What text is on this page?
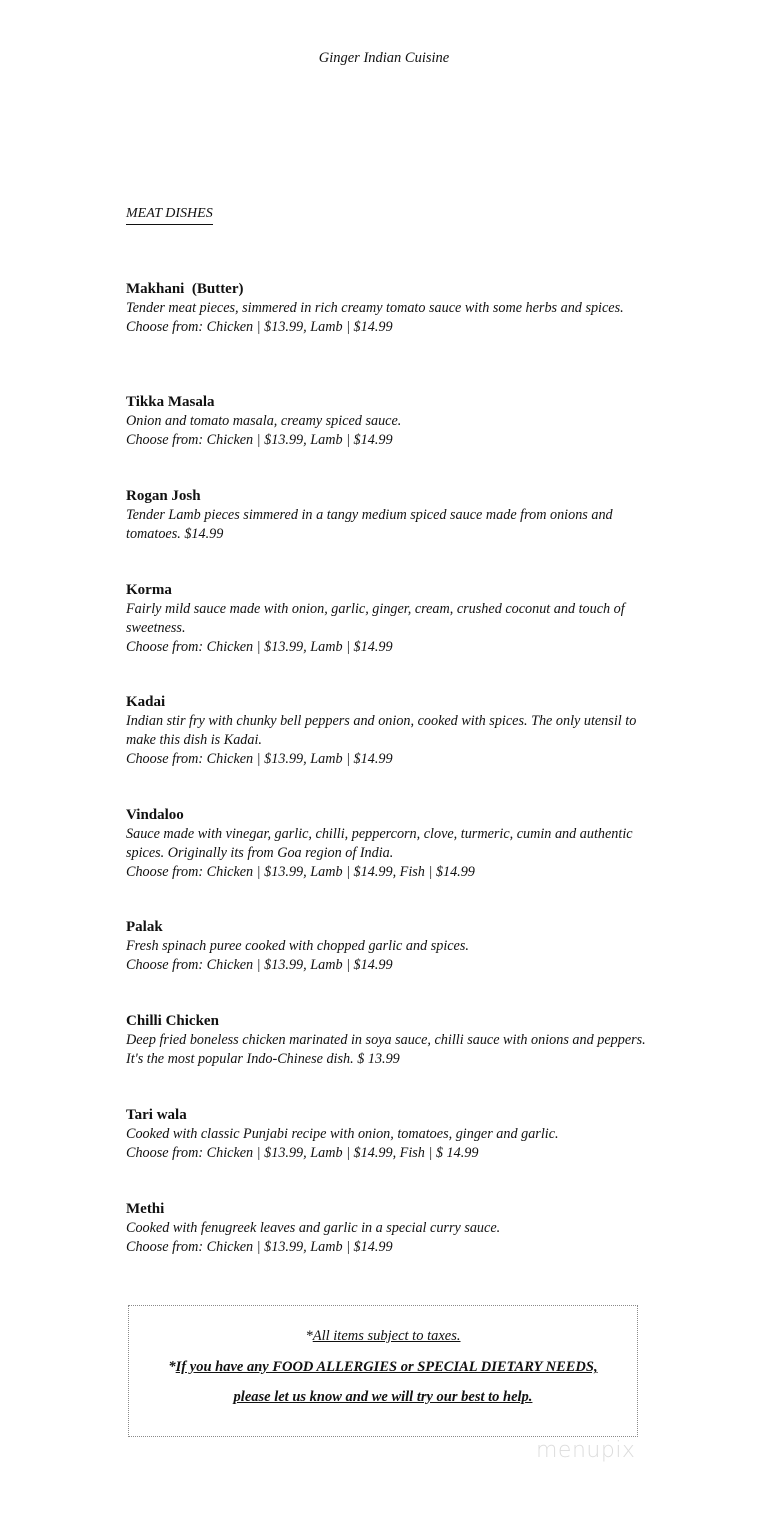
Ginger Indian Cuisine
MEAT DISHES
Makhani  (Butter)
Tender meat pieces, simmered in rich creamy tomato sauce with some herbs and spices.
Choose from: Chicken | $13.99, Lamb | $14.99
Tikka Masala
Onion and tomato masala, creamy spiced sauce.
Choose from: Chicken | $13.99, Lamb | $14.99
Rogan Josh
Tender Lamb pieces simmered in a tangy medium spiced sauce made from onions and tomatoes. $14.99
Korma
Fairly mild sauce made with onion, garlic, ginger, cream, crushed coconut and touch of sweetness.
Choose from: Chicken | $13.99, Lamb | $14.99
Kadai
Indian stir fry with chunky bell peppers and onion, cooked with spices. The only utensil to make this dish is Kadai.
Choose from: Chicken | $13.99, Lamb | $14.99
Vindaloo
Sauce made with vinegar, garlic, chilli, peppercorn, clove, turmeric, cumin and authentic spices. Originally its from Goa region of India.
Choose from: Chicken | $13.99, Lamb | $14.99, Fish | $14.99
Palak
Fresh spinach puree cooked with chopped garlic and spices.
Choose from: Chicken | $13.99, Lamb | $14.99
Chilli Chicken
Deep fried boneless chicken marinated in soya sauce, chilli sauce with onions and peppers. It's the most popular Indo-Chinese dish. $ 13.99
Tari wala
Cooked with classic Punjabi recipe with onion, tomatoes, ginger and garlic.
Choose from: Chicken | $13.99, Lamb | $14.99, Fish | $ 14.99
Methi
Cooked with fenugreek leaves and garlic in a special curry sauce.
Choose from: Chicken | $13.99, Lamb | $14.99
*All items subject to taxes.
*If you have any FOOD ALLERGIES or SPECIAL DIETARY NEEDS,
please let us know and we will try our best to help.
menupix
